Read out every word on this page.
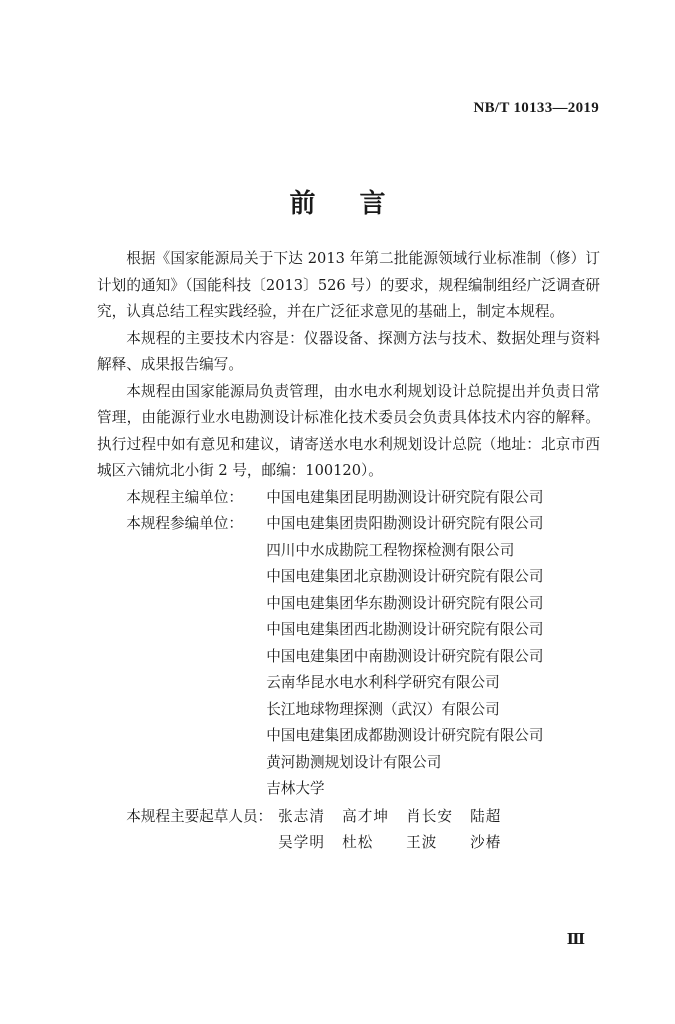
NB/T 10133—2019
前言

根据《国家能源局关于下达 2013 年第二批能源领域行业标准制（修）订计划的通知》（国能科技〔2013〕526 号）的要求，规程编制组经广泛调查研究，认真总结工程实践经验，并在广泛征求意见的基础上，制定本规程。

本规程的主要技术内容是：仪器设备、探测方法与技术、数据处理与资料解释、成果报告编写。

本规程由国家能源局负责管理，由水电水利规划设计总院提出并负责日常管理，由能源行业水电勘测设计标准化技术委员会负责具体技术内容的解释。执行过程中如有意见和建议，请寄送水电水利规划设计总院（地址：北京市西城区六铺炕北小街 2 号，邮编：100120）。

本规程主编单位：	中国电建集团昆明勘测设计研究院有限公司
本规程参编单位：	中国电建集团贵阳勘测设计研究院有限公司
四川中水成勘院工程物探检测有限公司
中国电建集团北京勘测设计研究院有限公司
中国电建集团华东勘测设计研究院有限公司
中国电建集团西北勘测设计研究院有限公司
中国电建集团中南勘测设计研究院有限公司
云南华昆水电水利科学研究有限公司
长江地球物理探测（武汉）有限公司
中国电建集团成都勘测设计研究院有限公司
黄河勘测规划设计有限公司
吉林大学
本规程主要起草人员： 张志清	高才坤	肖长安	陆超
吴学明	杜松	王波	沙椿
Ⅲ
